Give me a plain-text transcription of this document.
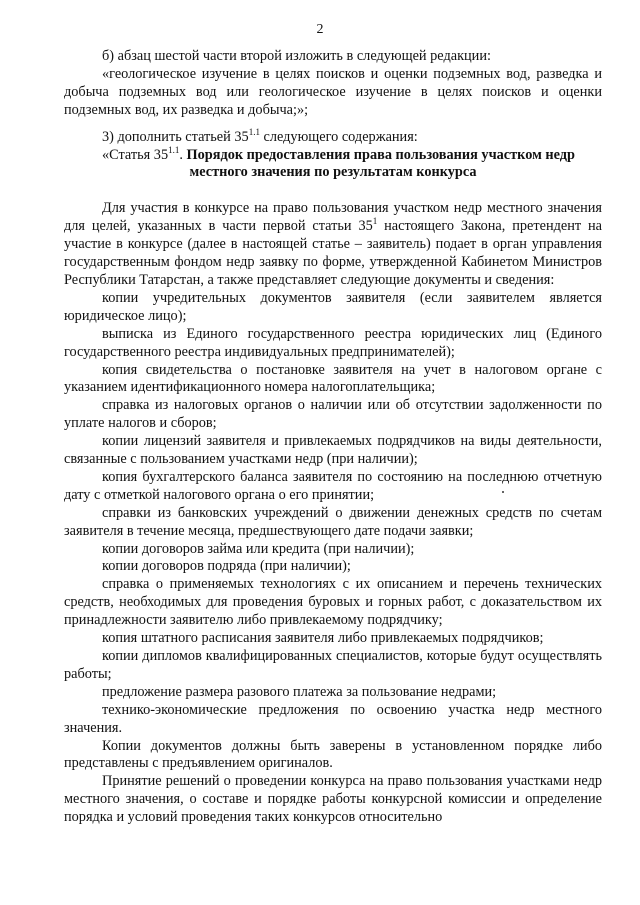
2

б) абзац шестой части второй изложить в следующей редакции:

«геологическое изучение в целях поисков и оценки подземных вод, разведка и добыча подземных вод или геологическое изучение в целях поисков и оценки подземных вод, их разведка и добыча;»;

3) дополнить статьей $35^{1.1}$ следующего содержания:

«Статья $35^{1.1}$. Порядок предоставления права пользования участком недр

местного значения по результатам конкурса

Для участия в конкурсе на право пользования участком недр местного значения для целей, указанных в части первой статьи $35^1$ настоящего Закона, претендент на участие в конкурсе (далее в настоящей статье – заявитель) подает в орган управления государственным фондом недр заявку по форме, утвержденной Кабинетом Министров Республики Татарстан, а также представляет следующие документы и сведения:

копии учредительных документов заявителя (если заявителем является юридическое лицо);

выписка из Единого государственного реестра юридических лиц (Единого государственного реестра индивидуальных предпринимателей);

копия свидетельства о постановке заявителя на учет в налоговом органе с указанием идентификационного номера налогоплательщика;

справка из налоговых органов о наличии или об отсутствии задолженности по уплате налогов и сборов;

копии лицензий заявителя и привлекаемых подрядчиков на виды деятельности, связанные с пользованием участками недр (при наличии);

копия бухгалтерского баланса заявителя по состоянию на последнюю отчетную дату с отметкой налогового органа о его принятии;

справки из банковских учреждений о движении денежных средств по счетам заявителя в течение месяца, предшествующего дате подачи заявки;

копии договоров займа или кредита (при наличии);

копии договоров подряда (при наличии);

справка о применяемых технологиях с их описанием и перечень технических средств, необходимых для проведения буровых и горных работ, с доказательством их принадлежности заявителю либо привлекаемому подрядчику;

копия штатного расписания заявителя либо привлекаемых подрядчиков;

копии дипломов квалифицированных специалистов, которые будут осуществлять работы;

предложение размера разового платежа за пользование недрами;

технико-экономические предложения по освоению участка недр местного значения.

Копии документов должны быть заверены в установленном порядке либо представлены с предъявлением оригиналов.

Принятие решений о проведении конкурса на право пользования участками недр местного значения, о составе и порядке работы конкурсной комиссии и определение порядка и условий проведения таких конкурсов относительно
